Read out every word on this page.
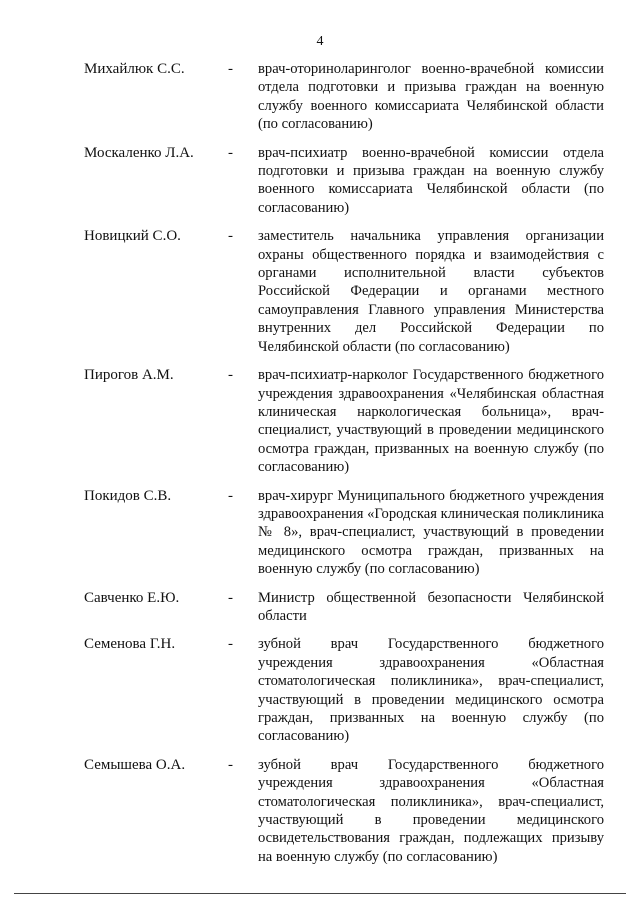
4
Михайлюк С.С.	-	врач-оториноларинголог военно-врачебной комиссии отдела подготовки и призыва граждан на военную службу военного комиссариата Челябинской области (по согласованию)
Москаленко Л.А.	-	врач-психиатр военно-врачебной комиссии отдела подготовки и призыва граждан на военную службу военного комиссариата Челябинской области (по согласованию)
Новицкий С.О.	-	заместитель начальника управления организации охраны общественного порядка и взаимодействия с органами исполнительной власти субъектов Российской Федерации и органами местного самоуправления Главного управления Министерства внутренних дел Российской Федерации по Челябинской области (по согласованию)
Пирогов А.М.	-	врач-психиатр-нарколог Государственного бюджетного учреждения здравоохранения «Челябинская областная клиническая наркологическая больница», врач-специалист, участвующий в проведении медицинского осмотра граждан, призванных на военную службу (по согласованию)
Покидов С.В.	-	врач-хирург Муниципального бюджетного учреждения здравоохранения «Городская клиническая поликлиника № 8», врач-специалист, участвующий в проведении медицинского осмотра граждан, призванных на военную службу (по согласованию)
Савченко Е.Ю.	-	Министр общественной безопасности Челябинской области
Семенова Г.Н.	-	зубной врач Государственного бюджетного учреждения здравоохранения «Областная стоматологическая поликлиника», врач-специалист, участвующий в проведении медицинского осмотра граждан, призванных на военную службу (по согласованию)
Семышева О.А.	-	зубной врач Государственного бюджетного учреждения здравоохранения «Областная стоматологическая поликлиника», врач-специалист, участвующий в проведении медицинского освидетельствования граждан, подлежащих призыву на военную службу (по согласованию)
